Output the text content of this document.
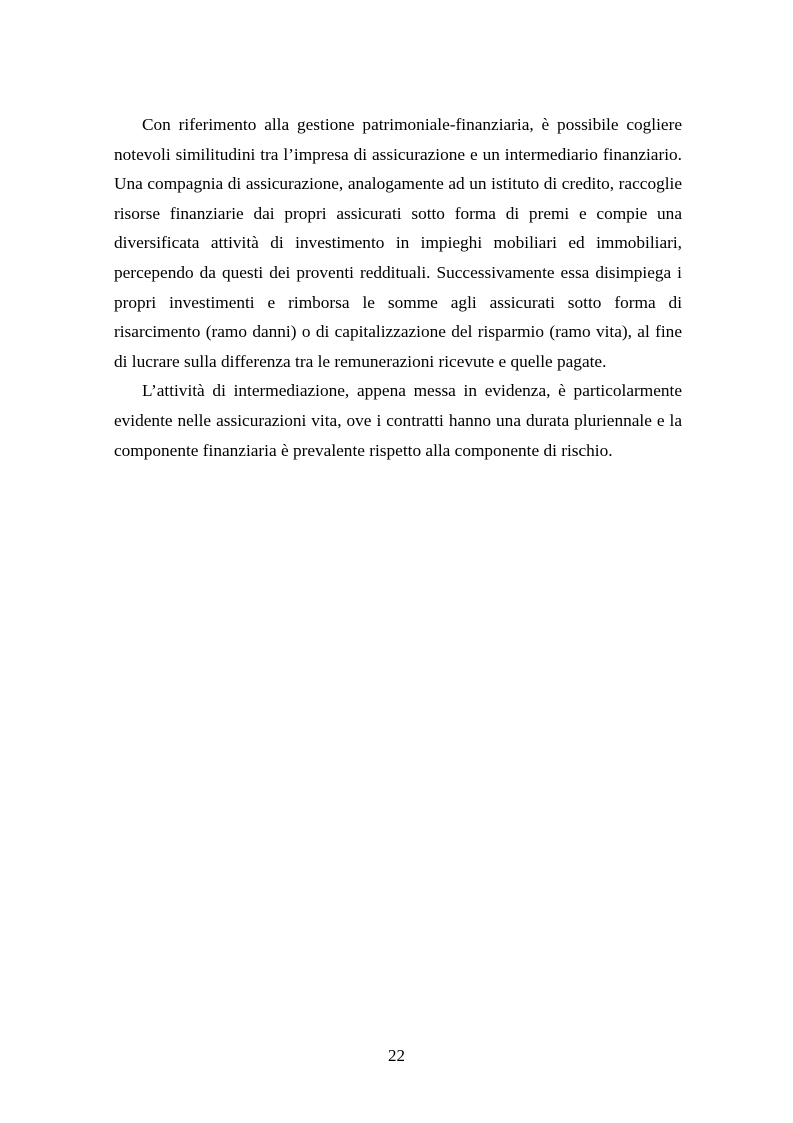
Con riferimento alla gestione patrimoniale-finanziaria, è possibile cogliere notevoli similitudini tra l’impresa di assicurazione e un intermediario finanziario. Una compagnia di assicurazione, analogamente ad un istituto di credito, raccoglie risorse finanziarie dai propri assicurati sotto forma di premi e compie una diversificata attività di investimento in impieghi mobiliari ed immobiliari, percependo da questi dei proventi reddituali. Successivamente essa disimpiega i propri investimenti e rimborsa le somme agli assicurati sotto forma di risarcimento (ramo danni) o di capitalizzazione del risparmio (ramo vita), al fine di lucrare sulla differenza tra le remunerazioni ricevute e quelle pagate.

L’attività di intermediazione, appena messa in evidenza, è particolarmente evidente nelle assicurazioni vita, ove i contratti hanno una durata pluriennale e la componente finanziaria è prevalente rispetto alla componente di rischio.

22
